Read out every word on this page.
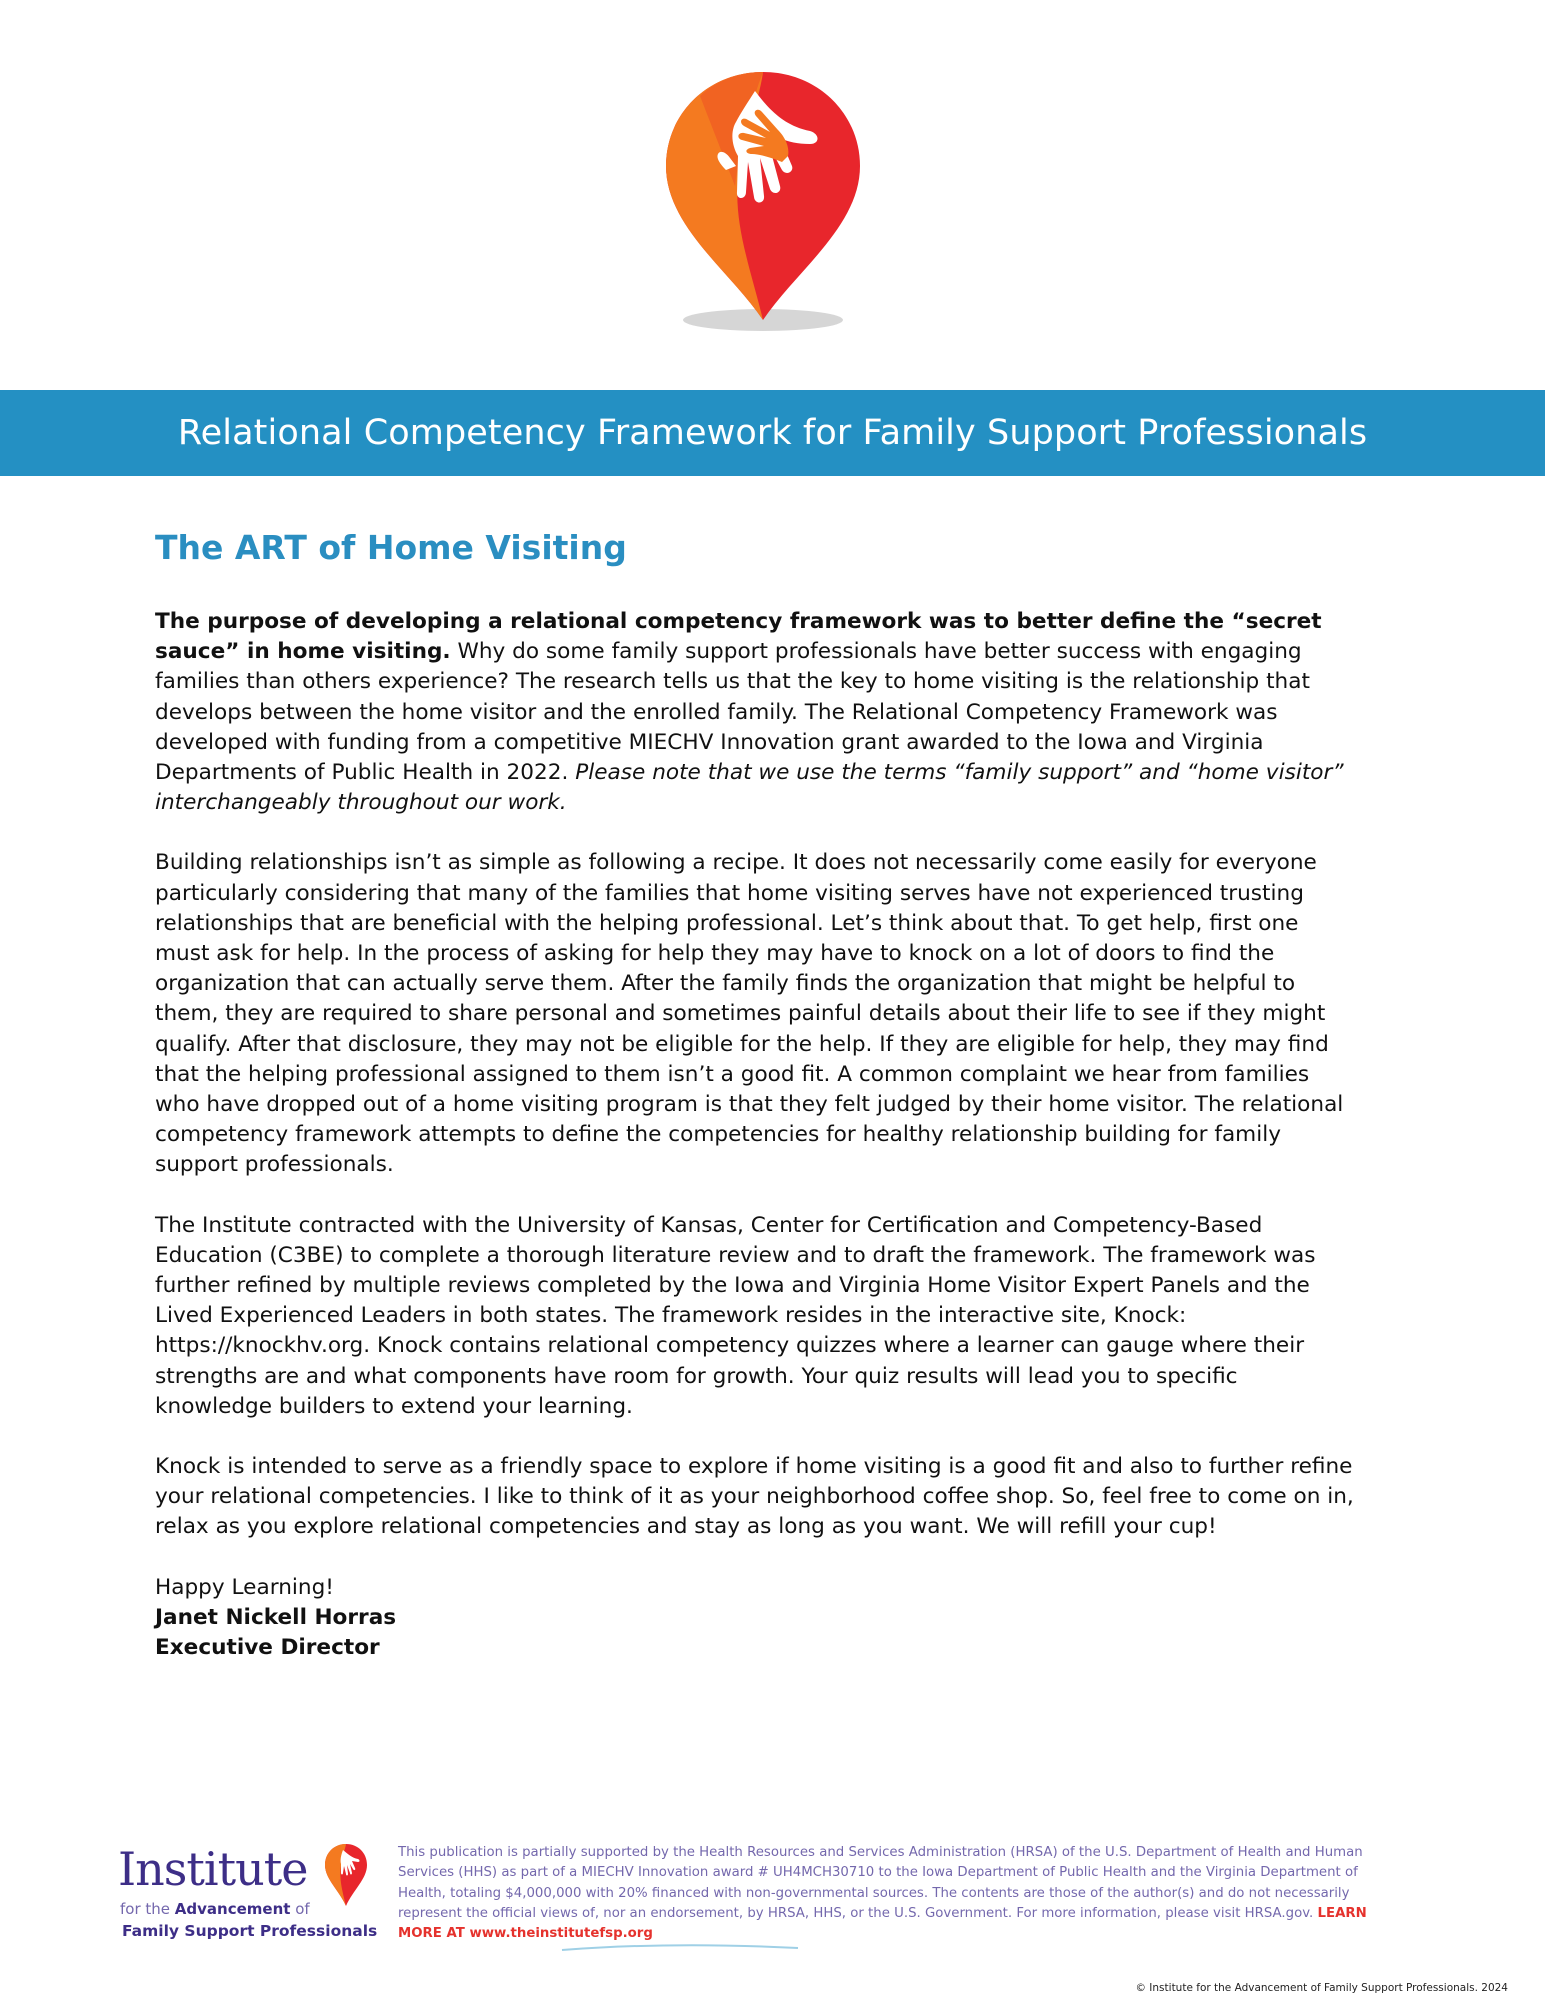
Relational Competency Framework for Family Support Professionals
The ART of Home Visiting

The purpose of developing a relational competency framework was to better define the “secret sauce” in home visiting. Why do some family support professionals have better success with engaging families than others experience? The research tells us that the key to home visiting is the relationship that develops between the home visitor and the enrolled family. The Relational Competency Framework was developed with funding from a competitive MIECHV Innovation grant awarded to the Iowa and Virginia Departments of Public Health in 2022. Please note that we use the terms “family support” and “home visitor” interchangeably throughout our work.

Building relationships isn’t as simple as following a recipe. It does not necessarily come easily for everyone particularly considering that many of the families that home visiting serves have not experienced trusting relationships that are beneficial with the helping professional. Let’s think about that. To get help, first one must ask for help. In the process of asking for help they may have to knock on a lot of doors to find the organization that can actually serve them. After the family finds the organization that might be helpful to them, they are required to share personal and sometimes painful details about their life to see if they might qualify. After that disclosure, they may not be eligible for the help. If they are eligible for help, they may find that the helping professional assigned to them isn’t a good fit. A common complaint we hear from families who have dropped out of a home visiting program is that they felt judged by their home visitor. The relational competency framework attempts to define the competencies for healthy relationship building for family support professionals.

The Institute contracted with the University of Kansas, Center for Certification and Competency-Based Education (C3BE) to complete a thorough literature review and to draft the framework. The framework was further refined by multiple reviews completed by the Iowa and Virginia Home Visitor Expert Panels and the Lived Experienced Leaders in both states. The framework resides in the interactive site, Knock: https://knockhv.org. Knock contains relational competency quizzes where a learner can gauge where their strengths are and what components have room for growth. Your quiz results will lead you to specific knowledge builders to extend your learning.

Knock is intended to serve as a friendly space to explore if home visiting is a good fit and also to further refine your relational competencies. I like to think of it as your neighborhood coffee shop. So, feel free to come on in, relax as you explore relational competencies and stay as long as you want. We will refill your cup!

Happy Learning!
Janet Nickell Horras
Executive Director
Institute
for the Advancement of
Family Support Professionals
This publication is partially supported by the Health Resources and Services Administration (HRSA) of the U.S. Department of Health and Human Services (HHS) as part of a MIECHV Innovation award # UH4MCH30710 to the Iowa Department of Public Health and the Virginia Department of Health, totaling $4,000,000 with 20% financed with non-governmental sources. The contents are those of the author(s) and do not necessarily represent the official views of, nor an endorsement, by HRSA, HHS, or the U.S. Government. For more information, please visit HRSA.gov. LEARN MORE AT www.theinstitutefsp.org
© Institute for the Advancement of Family Support Professionals. 2024
